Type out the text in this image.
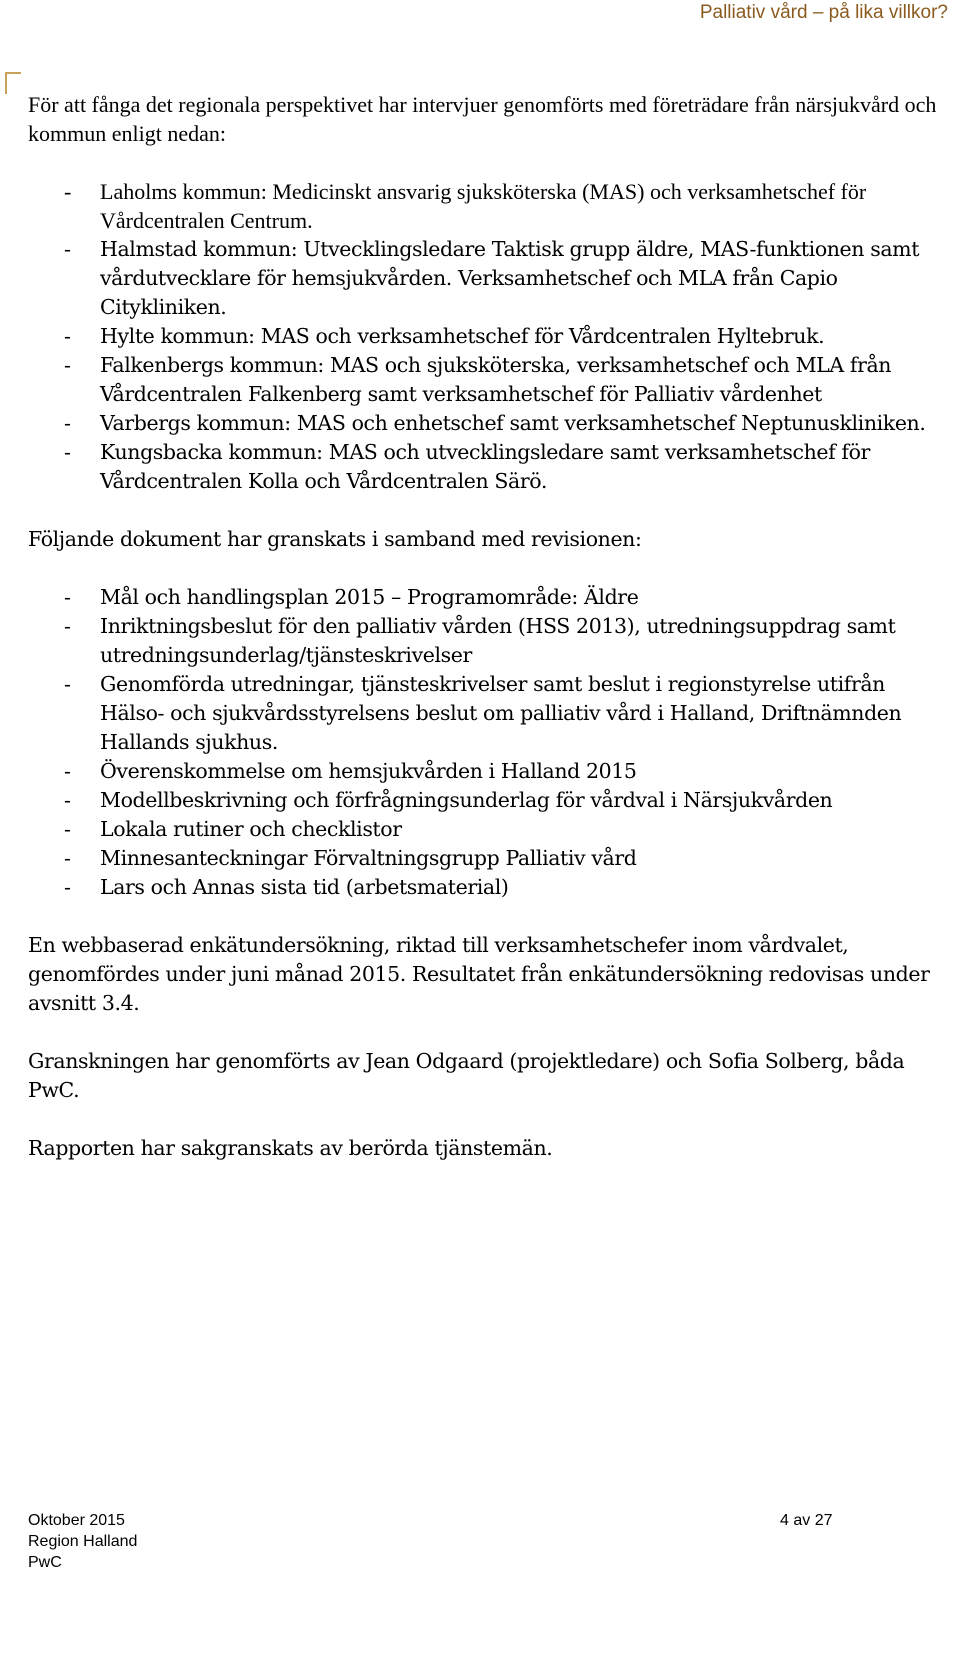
Palliativ vård – på lika villkor?

För att fånga det regionala perspektivet har intervjuer genomförts med företrädare från närsjukvård och kommun enligt nedan:

- Laholms kommun: Medicinskt ansvarig sjuksköterska (MAS) och verksamhetschef för Vårdcentralen Centrum.
- Halmstad kommun: Utvecklingsledare Taktisk grupp äldre, MAS-funktionen samt vårdutvecklare för hemsjukvården. Verksamhetschef och MLA från Capio Citykliniken.
- Hylte kommun: MAS och verksamhetschef för Vårdcentralen Hyltebruk.
- Falkenbergs kommun: MAS och sjuksköterska, verksamhetschef och MLA från Vårdcentralen Falkenberg samt verksamhetschef för Palliativ vårdenhet
- Varbergs kommun: MAS och enhetschef samt verksamhetschef Neptunuskliniken.
- Kungsbacka kommun: MAS och utvecklingsledare samt verksamhetschef för Vårdcentralen Kolla och Vårdcentralen Särö.

Följande dokument har granskats i samband med revisionen:

- Mål och handlingsplan 2015 – Programområde: Äldre
- Inriktningsbeslut för den palliativ vården (HSS 2013), utredningsuppdrag samt utredningsunderlag/tjänsteskrivelser
- Genomförda utredningar, tjänsteskrivelser samt beslut i regionstyrelse utifrån Hälso- och sjukvårdsstyrelsens beslut om palliativ vård i Halland, Driftnämnden Hallands sjukhus.
- Överenskommelse om hemsjukvården i Halland 2015
- Modellbeskrivning och förfrågningsunderlag för vårdval i Närsjukvården
- Lokala rutiner och checklistor
- Minnesanteckningar Förvaltningsgrupp Palliativ vård
- Lars och Annas sista tid (arbetsmaterial)

En webbaserad enkätundersökning, riktad till verksamhetschefer inom vårdvalet, genomfördes under juni månad 2015. Resultatet från enkätundersökning redovisas under avsnitt 3.4.

Granskningen har genomförts av Jean Odgaard (projektledare) och Sofia Solberg, båda PwC.

Rapporten har sakgranskats av berörda tjänstemän.

Oktober 2015
Region Halland
PwC
4 av 27
